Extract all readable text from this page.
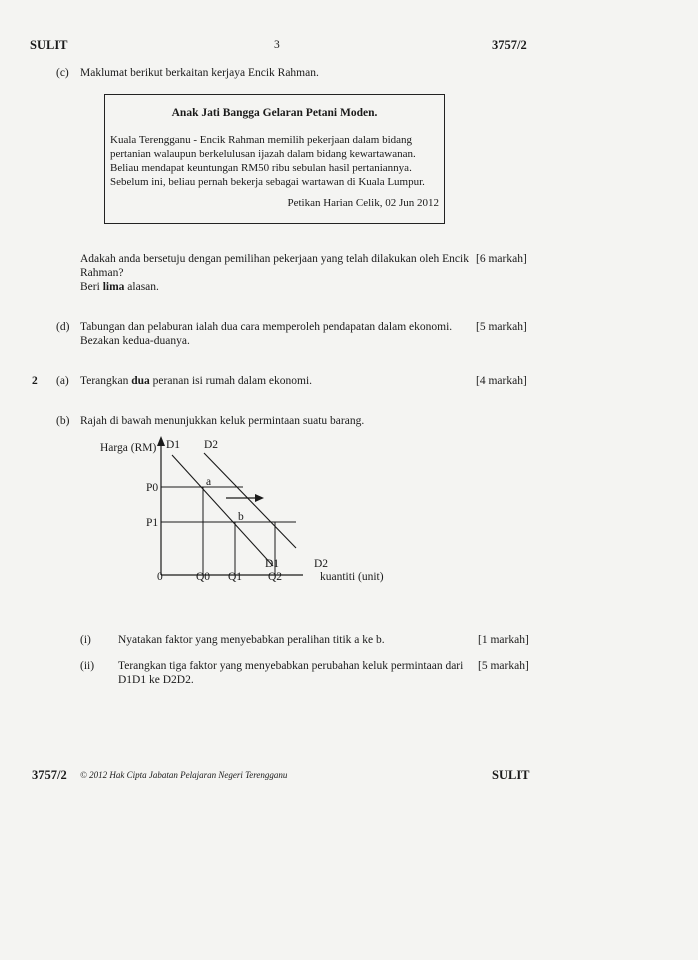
SULIT	3	3757/2
(c) Maklumat berikut berkaitan kerjaya Encik Rahman.
Anak Jati Bangga Gelaran Petani Moden.
Kuala Terengganu - Encik Rahman memilih pekerjaan dalam bidang
pertanian walaupun berkelulusan ijazah dalam bidang kewartawanan.
Beliau mendapat keuntungan RM50 ribu sebulan hasil pertaniannya.
Sebelum ini, beliau pernah bekerja sebagai wartawan di Kuala Lumpur.
Petikan Harian Celik, 02 Jun 2012
Adakah anda bersetuju dengan pemilihan pekerjaan yang telah dilakukan oleh Encik
Rahman?
Beri lima alasan.
[6 markah]
(d) Tabungan dan pelaburan ialah dua cara memperoleh pendapatan dalam ekonomi.
Bezakan kedua-duanya.
[5 markah]
2 (a) Terangkan dua peranan isi rumah dalam ekonomi.	[4 markah]
(b) Rajah di bawah menunjukkan keluk permintaan suatu barang.
Harga (RM) D1 D2
P0
P1
a
b
D1	D2
0	Q0 Q1 Q2	kuantiti (unit)
(i) Nyatakan faktor yang menyebabkan peralihan titik a ke b.	[1 markah]
(ii) Terangkan tiga faktor yang menyebabkan perubahan keluk permintaan dari
D1D1 ke D2D2.
[5 markah]
3757/2 © 2012 Hak Cipta Jabatan Pelajaran Negeri Terengganu	SULIT
